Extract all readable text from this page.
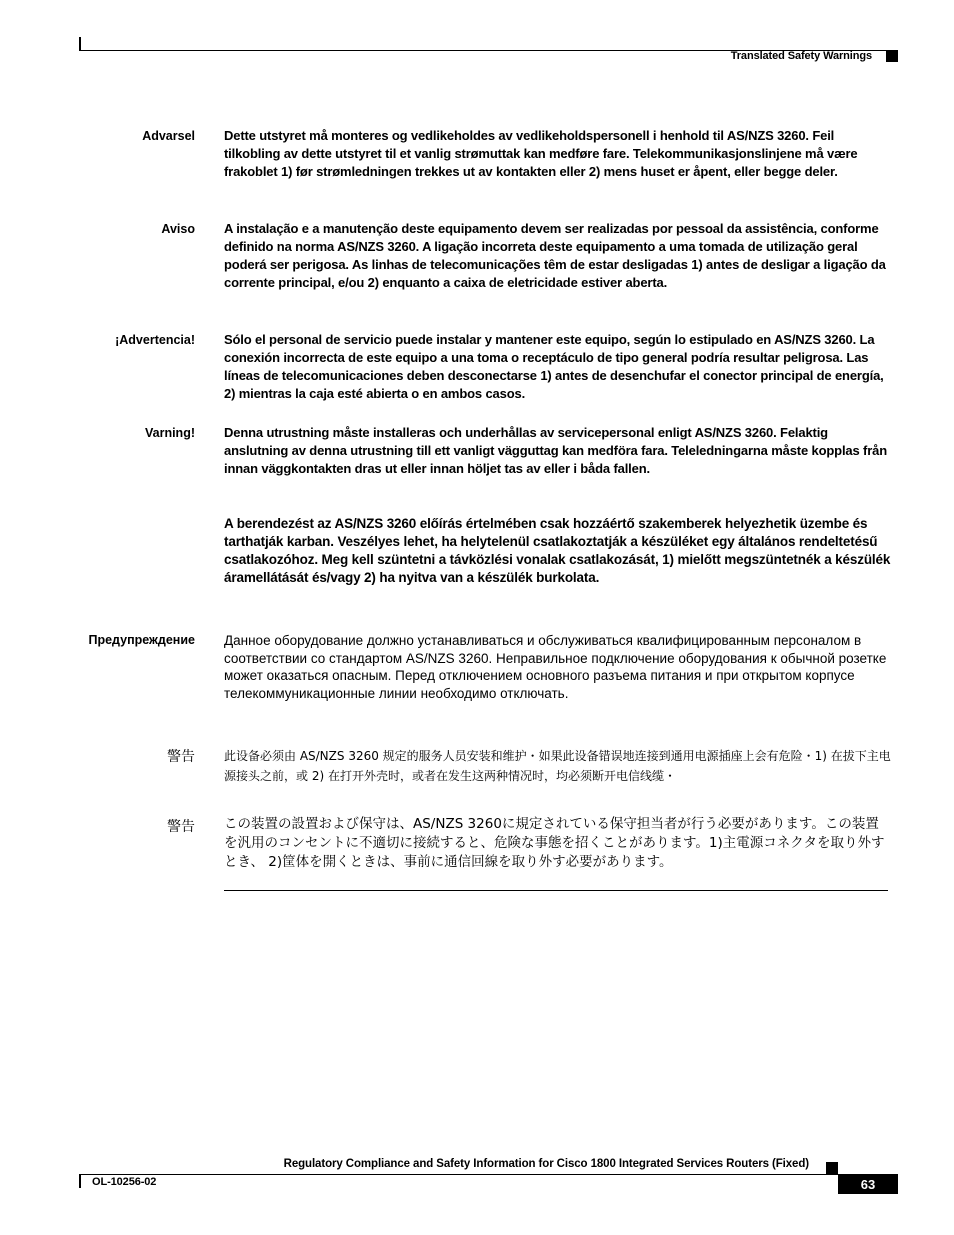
Translated Safety Warnings
Advarsel Dette utstyret må monteres og vedlikeholdes av vedlikeholdspersonell i henhold til AS/NZS 3260. Feil tilkobling av dette utstyret til et vanlig strømuttak kan medføre fare. Telekommunikasjonslinjene må være frakoblet 1) før strømledningen trekkes ut av kontakten eller 2) mens huset er åpent, eller begge deler.
Aviso A instalação e a manutenção deste equipamento devem ser realizadas por pessoal da assistência, conforme definido na norma AS/NZS 3260. A ligação incorreta deste equipamento a uma tomada de utilização geral poderá ser perigosa. As linhas de telecomunicações têm de estar desligadas 1) antes de desligar a ligação da corrente principal, e/ou 2) enquanto a caixa de eletricidade estiver aberta.
¡Advertencia! Sólo el personal de servicio puede instalar y mantener este equipo, según lo estipulado en AS/NZS 3260. La conexión incorrecta de este equipo a una toma o receptáculo de tipo general podría resultar peligrosa. Las líneas de telecomunicaciones deben desconectarse 1) antes de desenchufar el conector principal de energía, 2) mientras la caja esté abierta o en ambos casos.
Varning! Denna utrustning måste installeras och underhållas av servicepersonal enligt AS/NZS 3260. Felaktig anslutning av denna utrustning till ett vanligt vägguttag kan medföra fara. Teleledningarna måste kopplas från innan väggkontakten dras ut eller innan höljet tas av eller i båda fallen.
A berendezést az AS/NZS 3260 előírás értelmében csak hozzáértő szakemberek helyezhetik üzembe és tarthatják karban. Veszélyes lehet, ha helytelenül csatlakoztatják a készüléket egy általános rendeltetésű csatlakozóhoz. Meg kell szüntetni a távközlési vonalak csatlakozását, 1) mielőtt megszüntetnék a készülék áramellátását és/vagy 2) ha nyitva van a készülék burkolata.
Предупреждение Данное оборудование должно устанавливаться и обслуживаться квалифицированным персоналом в соответствии со стандартом AS/NZS 3260. Неправильное подключение оборудования к обычной розетке может оказаться опасным. Перед отключением основного разъема питания и при открытом корпусе телекоммуникационные линии необходимо отключать.
警告 此设备必须由 AS/NZS 3260 规定的服务人员安装和维护・如果此设备错误地连接到通用电源插座上会有危险・1) 在拔下主电源接头之前，或 2) 在打开外壳时，或者在发生这两种情况时，均必须断开电信线缆・
警告 この装置の設置および保守は、AS/NZS 3260に規定されている保守担当者が行う必要があります。この装置を汎用のコンセントに不適切に接続すると、危険な事態を招くことがあります。1)主電源コネクタを取り外すとき、 2)筐体を開くときは、事前に通信回線を取り外す必要があります。
Regulatory Compliance and Safety Information for Cisco 1800 Integrated Services Routers (Fixed)
OL-10256-02	63
